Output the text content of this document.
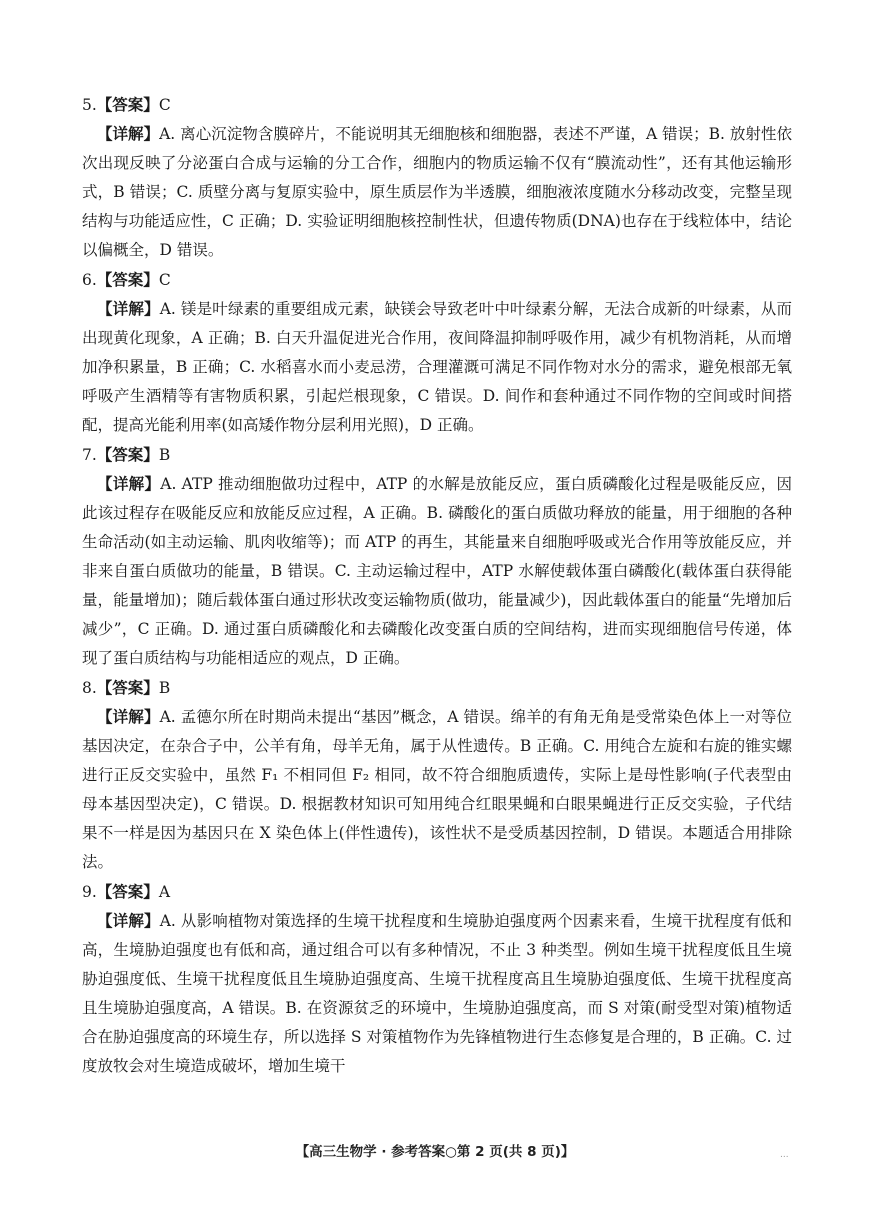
5.【答案】C

【详解】A. 离心沉淀物含膜碎片，不能说明其无细胞核和细胞器，表述不严谨，A 错误；B. 放射性依次出现反映了分泌蛋白合成与运输的分工合作，细胞内的物质运输不仅有“膜流动性”，还有其他运输形式，B 错误；C. 质壁分离与复原实验中，原生质层作为半透膜，细胞液浓度随水分移动改变，完整呈现结构与功能适应性，C 正确；D. 实验证明细胞核控制性状，但遗传物质(DNA)也存在于线粒体中，结论以偏概全，D 错误。

6.【答案】C

【详解】A. 镁是叶绿素的重要组成元素，缺镁会导致老叶中叶绿素分解，无法合成新的叶绿素，从而出现黄化现象，A 正确；B. 白天升温促进光合作用，夜间降温抑制呼吸作用，减少有机物消耗，从而增加净积累量，B 正确；C. 水稻喜水而小麦忌涝，合理灌溉可满足不同作物对水分的需求，避免根部无氧呼吸产生酒精等有害物质积累，引起烂根现象，C 错误。D. 间作和套种通过不同作物的空间或时间搭配，提高光能利用率(如高矮作物分层利用光照)，D 正确。

7.【答案】B

【详解】A. ATP 推动细胞做功过程中，ATP 的水解是放能反应，蛋白质磷酸化过程是吸能反应，因此该过程存在吸能反应和放能反应过程，A 正确。B. 磷酸化的蛋白质做功释放的能量，用于细胞的各种生命活动(如主动运输、肌肉收缩等)；而 ATP 的再生，其能量来自细胞呼吸或光合作用等放能反应，并非来自蛋白质做功的能量，B 错误。C. 主动运输过程中，ATP 水解使载体蛋白磷酸化(载体蛋白获得能量，能量增加)；随后载体蛋白通过形状改变运输物质(做功，能量减少)，因此载体蛋白的能量“先增加后减少”，C 正确。D. 通过蛋白质磷酸化和去磷酸化改变蛋白质的空间结构，进而实现细胞信号传递，体现了蛋白质结构与功能相适应的观点，D 正确。

8.【答案】B

【详解】A. 孟德尔所在时期尚未提出“基因”概念，A 错误。绵羊的有角无角是受常染色体上一对等位基因决定，在杂合子中，公羊有角，母羊无角，属于从性遗传。B 正确。C. 用纯合左旋和右旋的锥实螺进行正反交实验中，虽然 F₁ 不相同但 F₂ 相同，故不符合细胞质遗传，实际上是母性影响(子代表型由母本基因型决定)，C 错误。D. 根据教材知识可知用纯合红眼果蝇和白眼果蝇进行正反交实验，子代结果不一样是因为基因只在 X 染色体上(伴性遗传)，该性状不是受质基因控制，D 错误。本题适合用排除法。

9.【答案】A

【详解】A. 从影响植物对策选择的生境干扰程度和生境胁迫强度两个因素来看，生境干扰程度有低和高，生境胁迫强度也有低和高，通过组合可以有多种情况，不止 3 种类型。例如生境干扰程度低且生境胁迫强度低、生境干扰程度低且生境胁迫强度高、生境干扰程度高且生境胁迫强度低、生境干扰程度高且生境胁迫强度高，A 错误。B. 在资源贫乏的环境中，生境胁迫强度高，而 S 对策(耐受型对策)植物适合在胁迫强度高的环境生存，所以选择 S 对策植物作为先锋植物进行生态修复是合理的，B 正确。C. 过度放牧会对生境造成破坏，增加生境干

【高三生物学 · 参考答案○第 2 页(共 8 页)】	...
